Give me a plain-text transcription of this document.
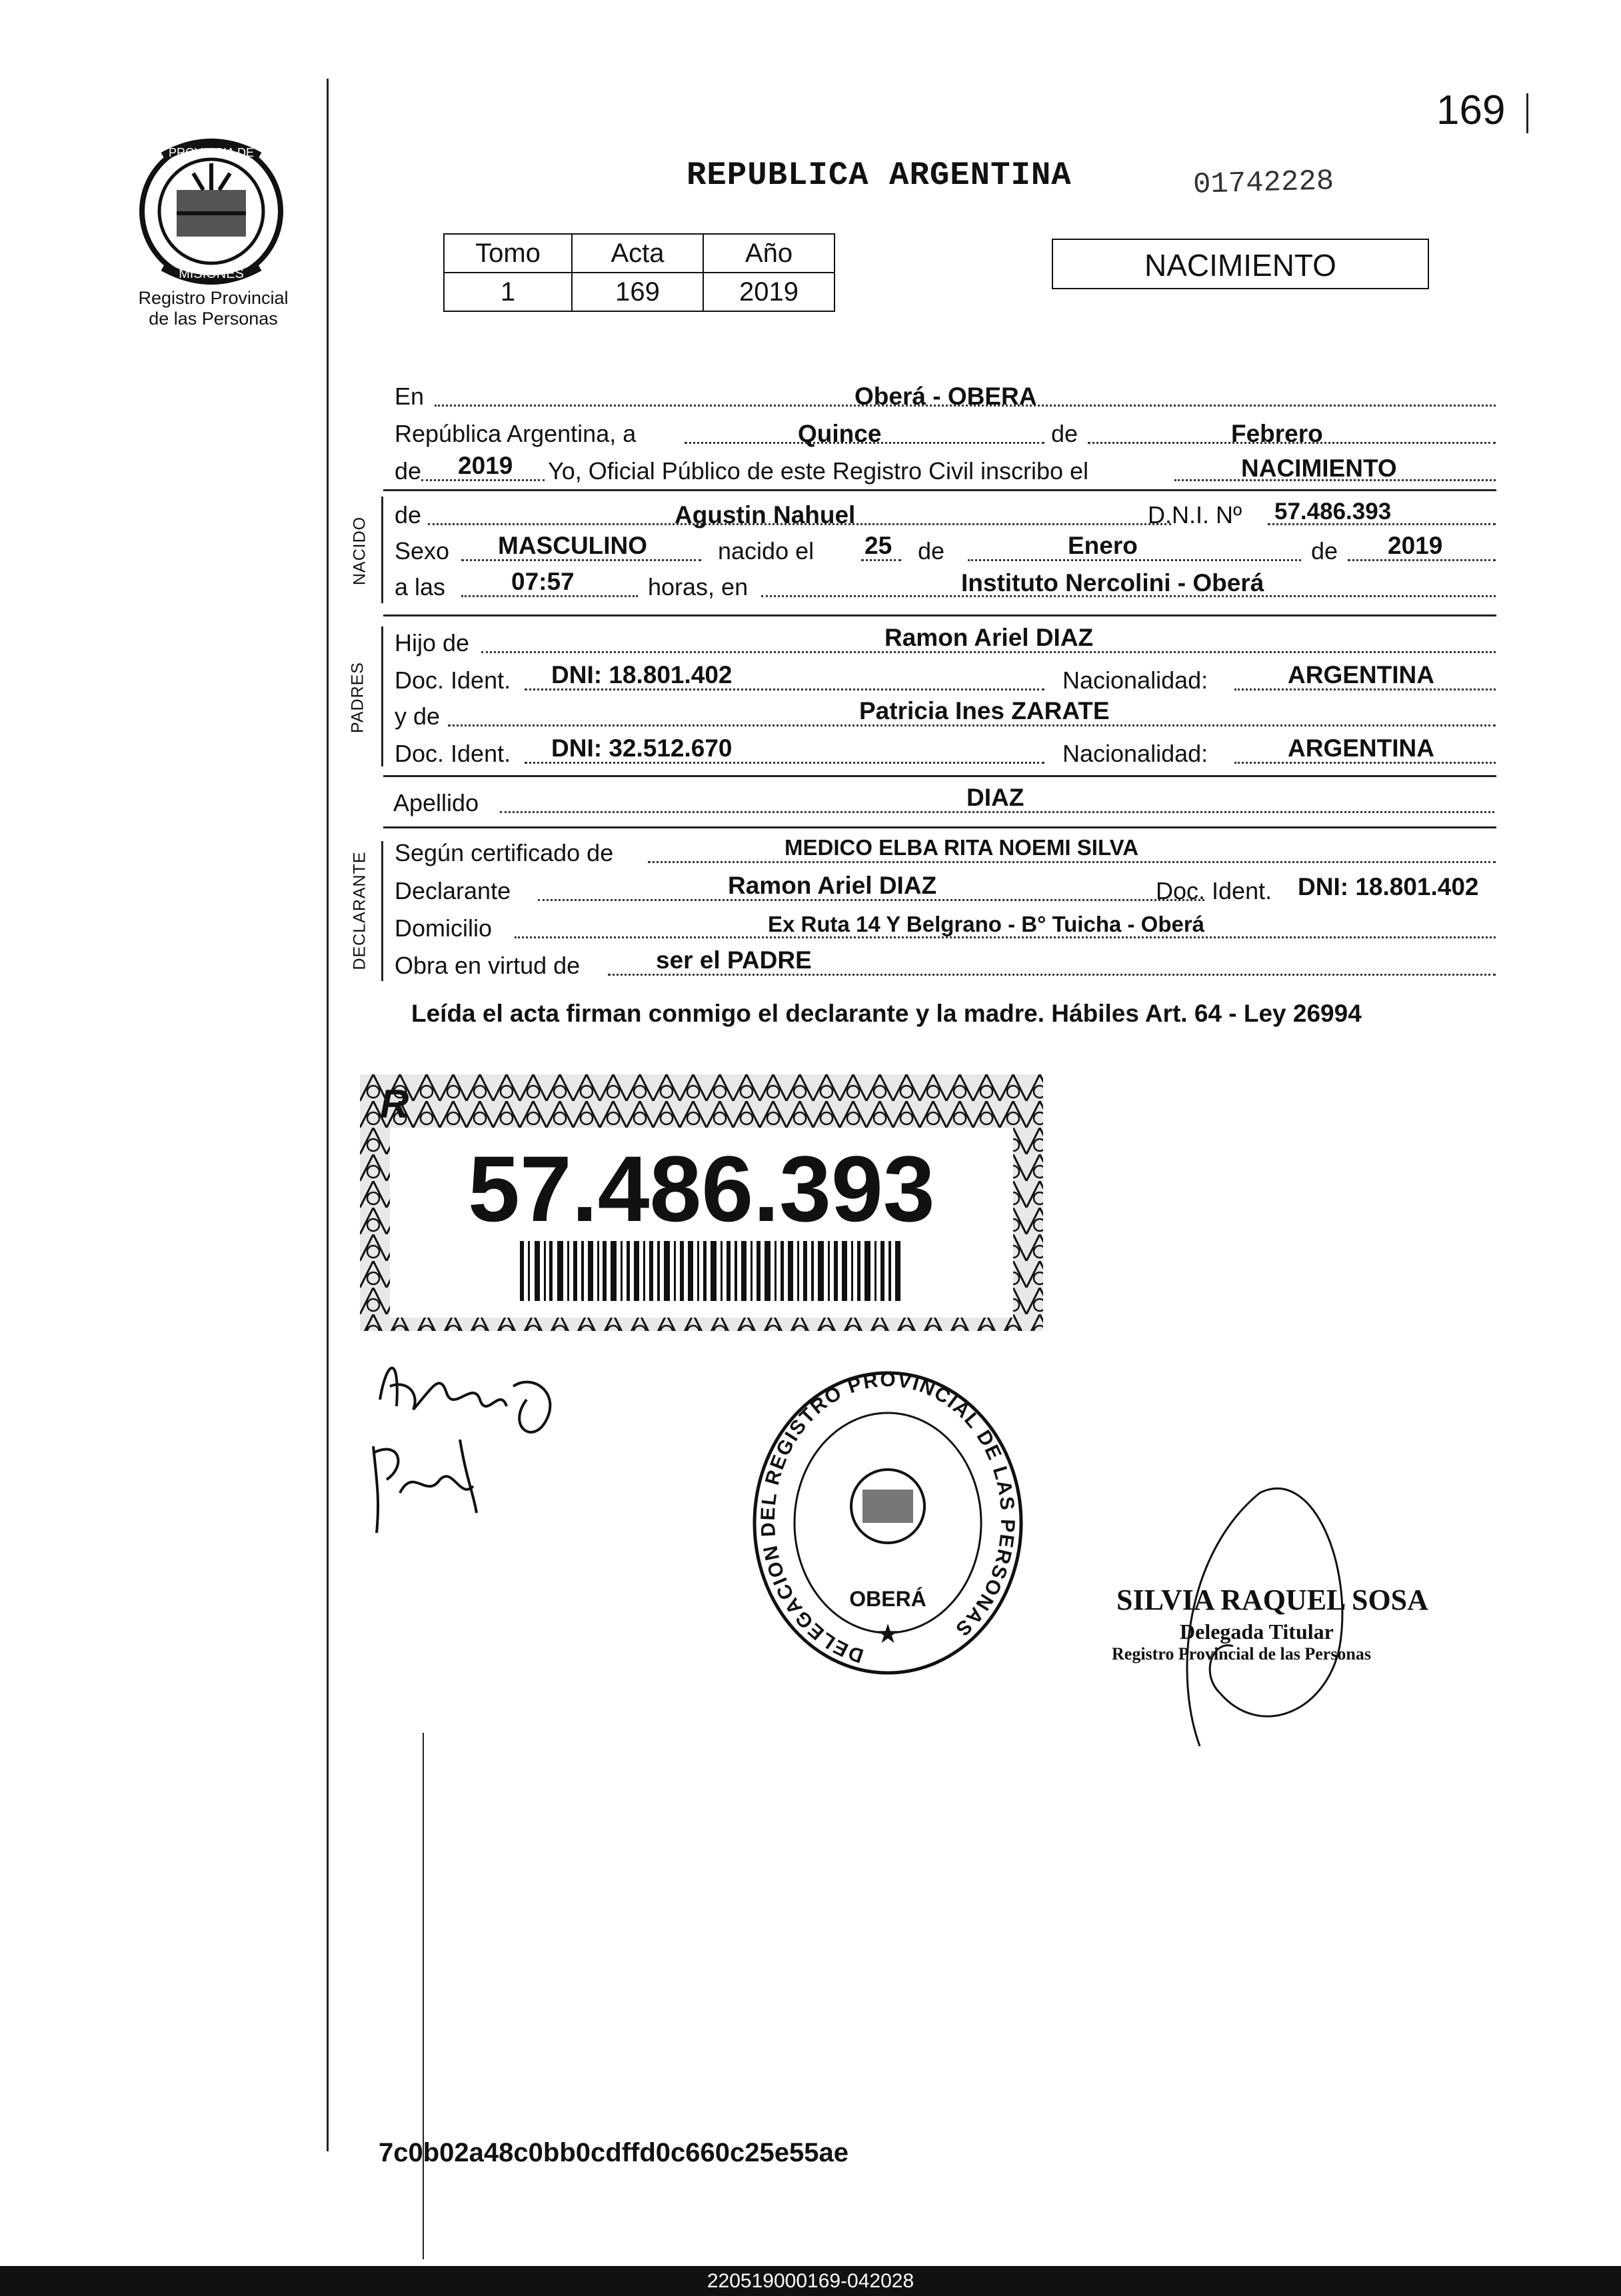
PROVINCIA DE
MISIONES
Registro Provincial
de las Personas
169
REPUBLICA ARGENTINA	01742228
Tomo	Acta	Año
1	169	2019
NACIMIENTO
En	Oberá - OBERA
República Argentina, a	Quince	de	Febrero
de 2019 Yo, Oficial Público de este Registro Civil inscribo el	NACIMIENTO
NACIDO
de	Agustin Nahuel	D.N.I. Nº 57.486.393
Sexo MASCULINO	nacido el 25 de	Enero	de 2019
a las	07:57	horas, en	Instituto Nercolini - Oberá
PADRES
Hijo de	Ramon Ariel DIAZ
Doc. Ident. DNI: 18.801.402	Nacionalidad:	ARGENTINA
y de	Patricia Ines ZARATE
Doc. Ident. DNI: 32.512.670	Nacionalidad:	ARGENTINA
Apellido	DIAZ
DECLARANTE Según certificado de	MEDICO ELBA RITA NOEMI SILVA
Declarante	Ramon Ariel DIAZ	Doc. Ident. DNI: 18.801.402
Domicilio	Ex Ruta 14 Y Belgrano - B° Tuicha - Oberá
Obra en virtud de	ser el PADRE
Leída el acta firman conmigo el declarante y la madre. Hábiles Art. 64 - Ley 26994
R
57.486.393
DELEGACION DEL REGISTRO PROVINCIAL DE LAS PERSONAS
OBERÁ
★
SILVIA RAQUEL SOSA
Delegada Titular
Registro Provincial de las Personas
7c0b02a48c0bb0cdffd0c660c25e55ae
220519000169-042028
